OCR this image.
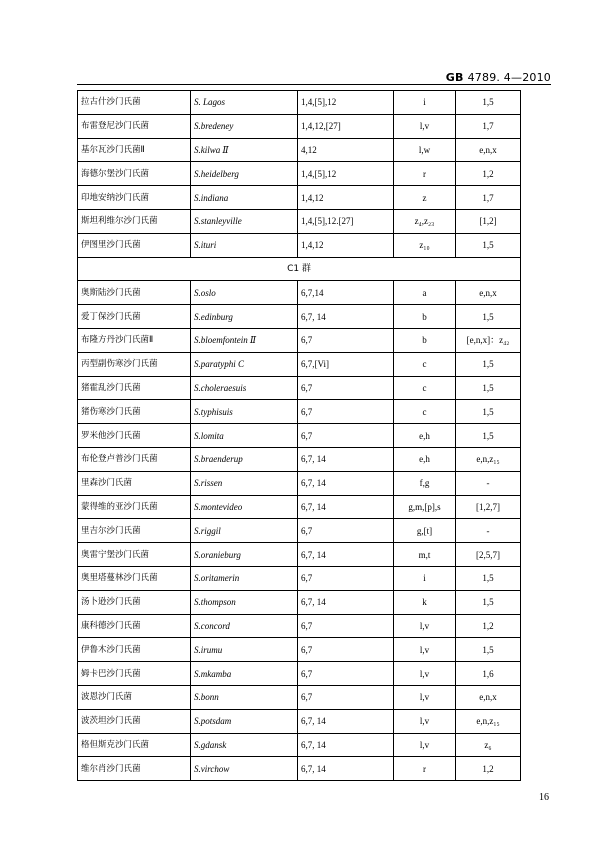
GB 4789. 4—2010
拉古什沙门氏菌	S. Lagos	1,4,[5],12	i	1,5
布雷登尼沙门氏菌	S.bredeney	1,4,12,[27]	l,v	1,7
基尔瓦沙门氏菌Ⅱ	S.kilwa Ⅱ	4,12	l,w	e,n,x
海德尔堡沙门氏菌	S.heidelberg	1,4,[5],12	r	1,2
印地安纳沙门氏菌	S.indiana	1,4,12	z	1,7
斯坦利维尔沙门氏菌	S.stanleyville	1,4,[5],12.[27]	z₄,z₂₃	[1,2]
伊图里沙门氏菌	S.ituri	1,4,12	z₁₀	1,5
C1 群				
奥斯陆沙门氏菌	S.oslo	6,7,14	a	e,n,x
爱丁保沙门氏菌	S.edinburg	6,7, 14	b	1,5
布隆方丹沙门氏菌Ⅱ	S.bloemfontein Ⅱ	6,7	b	[e,n,x]：z₄₂
丙型副伤寒沙门氏菌	S.paratyphi C	6,7,[Vi]	c	1,5
猪霍乱沙门氏菌	S.choleraesuis	6,7	c	1,5
猪伤寒沙门氏菌	S.typhisuis	6,7	c	1,5
罗米他沙门氏菌	S.lomita	6,7	e,h	1,5
布伦登卢普沙门氏菌	S.braenderup	6,7, 14	e,h	e,n,z₁₅
里森沙门氏菌	S.rissen	6,7, 14	f,g	-
蒙得维的亚沙门氏菌	S.montevideo	6,7, 14	g,m,[p],s	[1,2,7]
里吉尔沙门氏菌	S.riggil	6,7	g,[t]	-
奥雷宁堡沙门氏菌	S.oranieburg	6,7, 14	m,t	[2,5,7]
奥里塔蔓林沙门氏菌	S.oritamerin	6,7	i	1,5
汤卜逊沙门氏菌	S.thompson	6,7, 14	k	1,5
康科德沙门氏菌	S.concord	6,7	l,v	1,2
伊鲁木沙门氏菌	S.irumu	6,7	l,v	1,5
姆卡巴沙门氏菌	S.mkamba	6,7	l,v	1,6
波恩沙门氏菌	S.bonn	6,7	l,v	e,n,x
波茨坦沙门氏菌	S.potsdam	6,7, 14	l,v	e,n,z₁₅
格但斯克沙门氏菌	S.gdansk	6,7, 14	l,v	z₆
维尔肖沙门氏菌	S.virchow	6,7, 14	r	1,2
16
